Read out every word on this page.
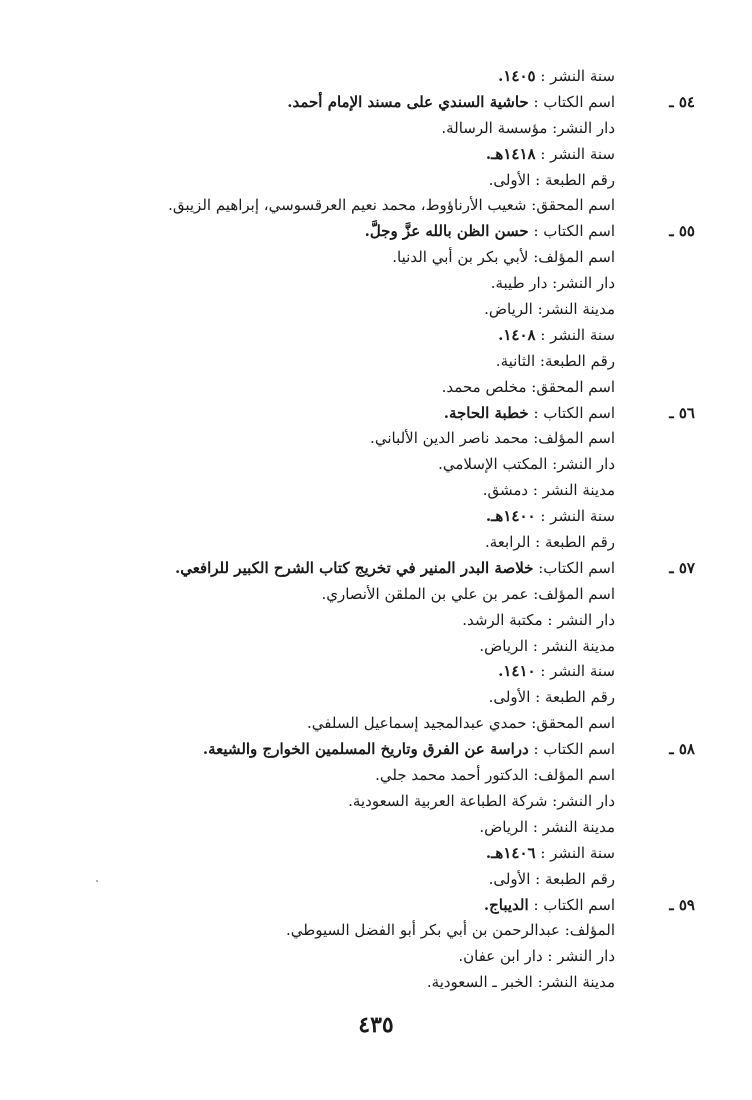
سنة النشر : ١٤٠٥.
٥٤ ـ
اسم الكتاب : حاشية السندي على مسند الإمام أحمد.
دار النشر: مؤسسة الرسالة.
سنة النشر : ١٤١٨هـ.
رقم الطبعة : الأولى.
اسم المحقق: شعيب الأرناؤوط، محمد نعيم العرقسوسي، إبراهيم الزيبق.
٥٥ ـ
اسم الكتاب : حسن الظن بالله عزَّ وجلَّ.
اسم المؤلف: لأبي بكر بن أبي الدنيا.
دار النشر: دار طيبة.
مدينة النشر: الرياض.
سنة النشر : ١٤٠٨.
رقم الطبعة: الثانية.
اسم المحقق: مخلص محمد.
٥٦ ـ
اسم الكتاب : خطبة الحاجة.
اسم المؤلف: محمد ناصر الدين الألباني.
دار النشر: المكتب الإسلامي.
مدينة النشر : دمشق.
سنة النشر : ١٤٠٠هـ.
رقم الطبعة : الرابعة.
٥٧ ـ
اسم الكتاب: خلاصة البدر المنير في تخريج كتاب الشرح الكبير للرافعي.
اسم المؤلف: عمر بن علي بن الملقن الأنصاري.
دار النشر : مكتبة الرشد.
مدينة النشر : الرياض.
سنة النشر : ١٤١٠.
رقم الطبعة : الأولى.
اسم المحقق: حمدي عبدالمجيد إسماعيل السلفي.
٥٨ ـ
اسم الكتاب : دراسة عن الفرق وتاريخ المسلمين الخوارج والشيعة.
اسم المؤلف: الدكتور أحمد محمد جلي.
دار النشر: شركة الطباعة العربية السعودية.
مدينة النشر : الرياض.
سنة النشر : ١٤٠٦هـ.
رقم الطبعة : الأولى.
٥٩ ـ
اسم الكتاب : الديباج.
المؤلف: عبدالرحمن بن أبي بكر أبو الفضل السيوطي.
دار النشر : دار ابن عفان.
مدينة النشر: الخبر ـ السعودية.
٤٣٥
